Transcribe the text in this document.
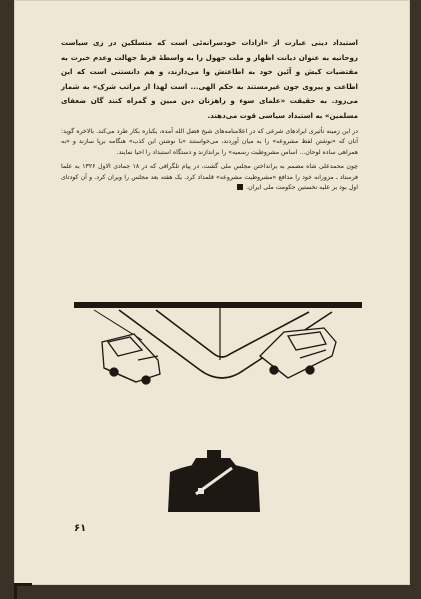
استبداد دینی عبارت از «ارادات خودسرانه‌ئی است که متسلکین در زی سیاست روحانیه به عنوان دیانت اظهار و ملت جهول را به واسطهٔ فرط جهالت وعدم خبرت به مقتضیات کیش و آئین خود به اطاعتش وا می‌دارند، و هم دانستنی است که این اطاعت و پیروی جون غیرمستند به حکم الهی... است لهذا از مراتب شرک» به شمار می‌رود. به حقیقت «علمای سوء و راهزنان دین مبین و گمراه کنند گان ضعفای مسلمین» به استبداد سیاسی قوت می‌دهند.

در این زمینه تأثیری ایرادهای شرعی که در اعلامنامه‌های شیخ فضل الله آمده، یکباره بکار طرد می‌کند. بالاخره گوید: آنان که «نوشتن لفظ مشروعه» را به میان آوردند، می‌خواستند «با نوشتن این کذب» هنگامه برپا سازند و «به همراهی ساده لوحان... اساس مشروطیت رسمیه» را براندازند و دستگاه استبداد را احیا نمایند.

چون محمدعلی شاه مصمم به برانداختن مجلس ملی گشت، در پیام تلگرافی که در ۱۸ جمادی الاول ۱۳۲۶ به علما فرستاد ـ مزورانه خود را مدافع «مشروطیت مشروعه» قلمداد کرد. یک هفته بعد مجلس را ویران کرد. و آن کودتای اول بود بر علیه نخستین حکومت ملی ایران.

۶۱
